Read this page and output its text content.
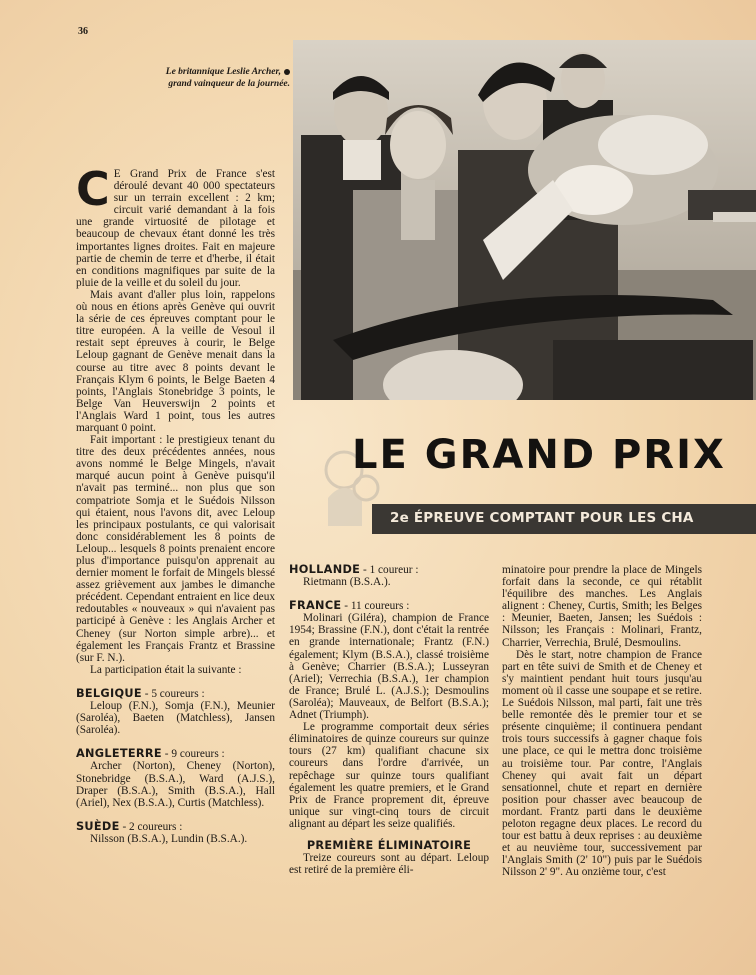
36
Le britannique Leslie Archer,
grand vainqueur de la journée.
LE GRAND PRIX
2e ÉPREUVE COMPTANT POUR LES CHA
C E Grand Prix de France s'est déroulé devant 40 000 spectateurs sur un terrain excellent : 2 km; circuit varié demandant à la fois une grande virtuosité de pilotage et beaucoup de chevaux étant donné les très importantes lignes droites. Fait en majeure partie de chemin de terre et d'herbe, il était en conditions magnifiques par suite de la pluie de la veille et du soleil du jour.

Mais avant d'aller plus loin, rappelons où nous en étions après Genève qui ouvrit la série de ces épreuves comptant pour le titre européen. A la veille de Vesoul il restait sept épreuves à courir, le Belge Leloup gagnant de Genève menait dans la course au titre avec 8 points devant le Français Klym 6 points, le Belge Baeten 4 points, l'Anglais Stonebridge 3 points, le Belge Van Heuverswijn 2 points et l'Anglais Ward 1 point, tous les autres marquant 0 point.

Fait important : le prestigieux tenant du titre des deux précédentes années, nous avons nommé le Belge Mingels, n'avait marqué aucun point à Genève puisqu'il n'avait pas terminé... non plus que son compatriote Somja et le Suédois Nilsson qui étaient, nous l'avons dit, avec Leloup les principaux postulants, ce qui valorisait donc considérablement les 8 points de Leloup... lesquels 8 points prenaient encore plus d'importance puisqu'on apprenait au dernier moment le forfait de Mingels blessé assez grièvement aux jambes le dimanche précédent. Cependant entraient en lice deux redoutables « nouveaux » qui n'avaient pas participé à Genève : les Anglais Archer et Cheney (sur Norton simple arbre)... et également les Français Frantz et Brassine (sur F. N.).

La participation était la suivante :

BELGIQUE - 5 coureurs :

Leloup (F.N.), Somja (F.N.), Meunier (Saroléa), Baeten (Matchless), Jansen (Saroléa).

ANGLETERRE - 9 coureurs :

Archer (Norton), Cheney (Norton), Stonebridge (B.S.A.), Ward (A.J.S.), Draper (B.S.A.), Smith (B.S.A.), Hall (Ariel), Nex (B.S.A.), Curtis (Matchless).

SUÈDE - 2 coureurs :

Nilsson (B.S.A.), Lundin (B.S.A.).

HOLLANDE - 1 coureur :

Rietmann (B.S.A.).

FRANCE - 11 coureurs :

Molinari (Giléra), champion de France 1954; Brassine (F.N.), dont c'était la rentrée en grande internationale; Frantz (F.N.) également; Klym (B.S.A.), classé troisième à Genève; Charrier (B.S.A.); Lusseyran (Ariel); Verrechia (B.S.A.), 1er champion de France; Brulé L. (A.J.S.); Desmoulins (Saroléa); Mauveaux, de Belfort (B.S.A.); Adnet (Triumph).

Le programme comportait deux séries éliminatoires de quinze coureurs sur quinze tours (27 km) qualifiant chacune six coureurs dans l'ordre d'arrivée, un repêchage sur quinze tours qualifiant également les quatre premiers, et le Grand Prix de France proprement dit, épreuve unique sur vingt-cinq tours de circuit alignant au départ les seize qualifiés.

PREMIÈRE ÉLIMINATOIRE

Treize coureurs sont au départ. Leloup est retiré de la première éli-

minatoire pour prendre la place de Mingels forfait dans la seconde, ce qui rétablit l'équilibre des manches. Les Anglais alignent : Cheney, Curtis, Smith; les Belges : Meunier, Baeten, Jansen; les Suédois : Nilsson; les Français : Molinari, Frantz, Charrier, Verrechia, Brulé, Desmoulins.

Dès le start, notre champion de France part en tête suivi de Smith et de Cheney et s'y maintient pendant huit tours jusqu'au moment où il casse une soupape et se retire. Le Suédois Nilsson, mal parti, fait une très belle remontée dès le premier tour et se présente cinquième; il continuera pendant trois tours successifs à gagner chaque fois une place, ce qui le mettra donc troisième au troisième tour. Par contre, l'Anglais Cheney qui avait fait un départ sensationnel, chute et repart en dernière position pour chasser avec beaucoup de mordant. Frantz parti dans le deuxième peloton regagne deux places. Le record du tour est battu à deux reprises : au deuxième et au neuvième tour, successivement par l'Anglais Smith (2' 10") puis par le Suédois Nilsson 2' 9". Au onzième tour, c'est
